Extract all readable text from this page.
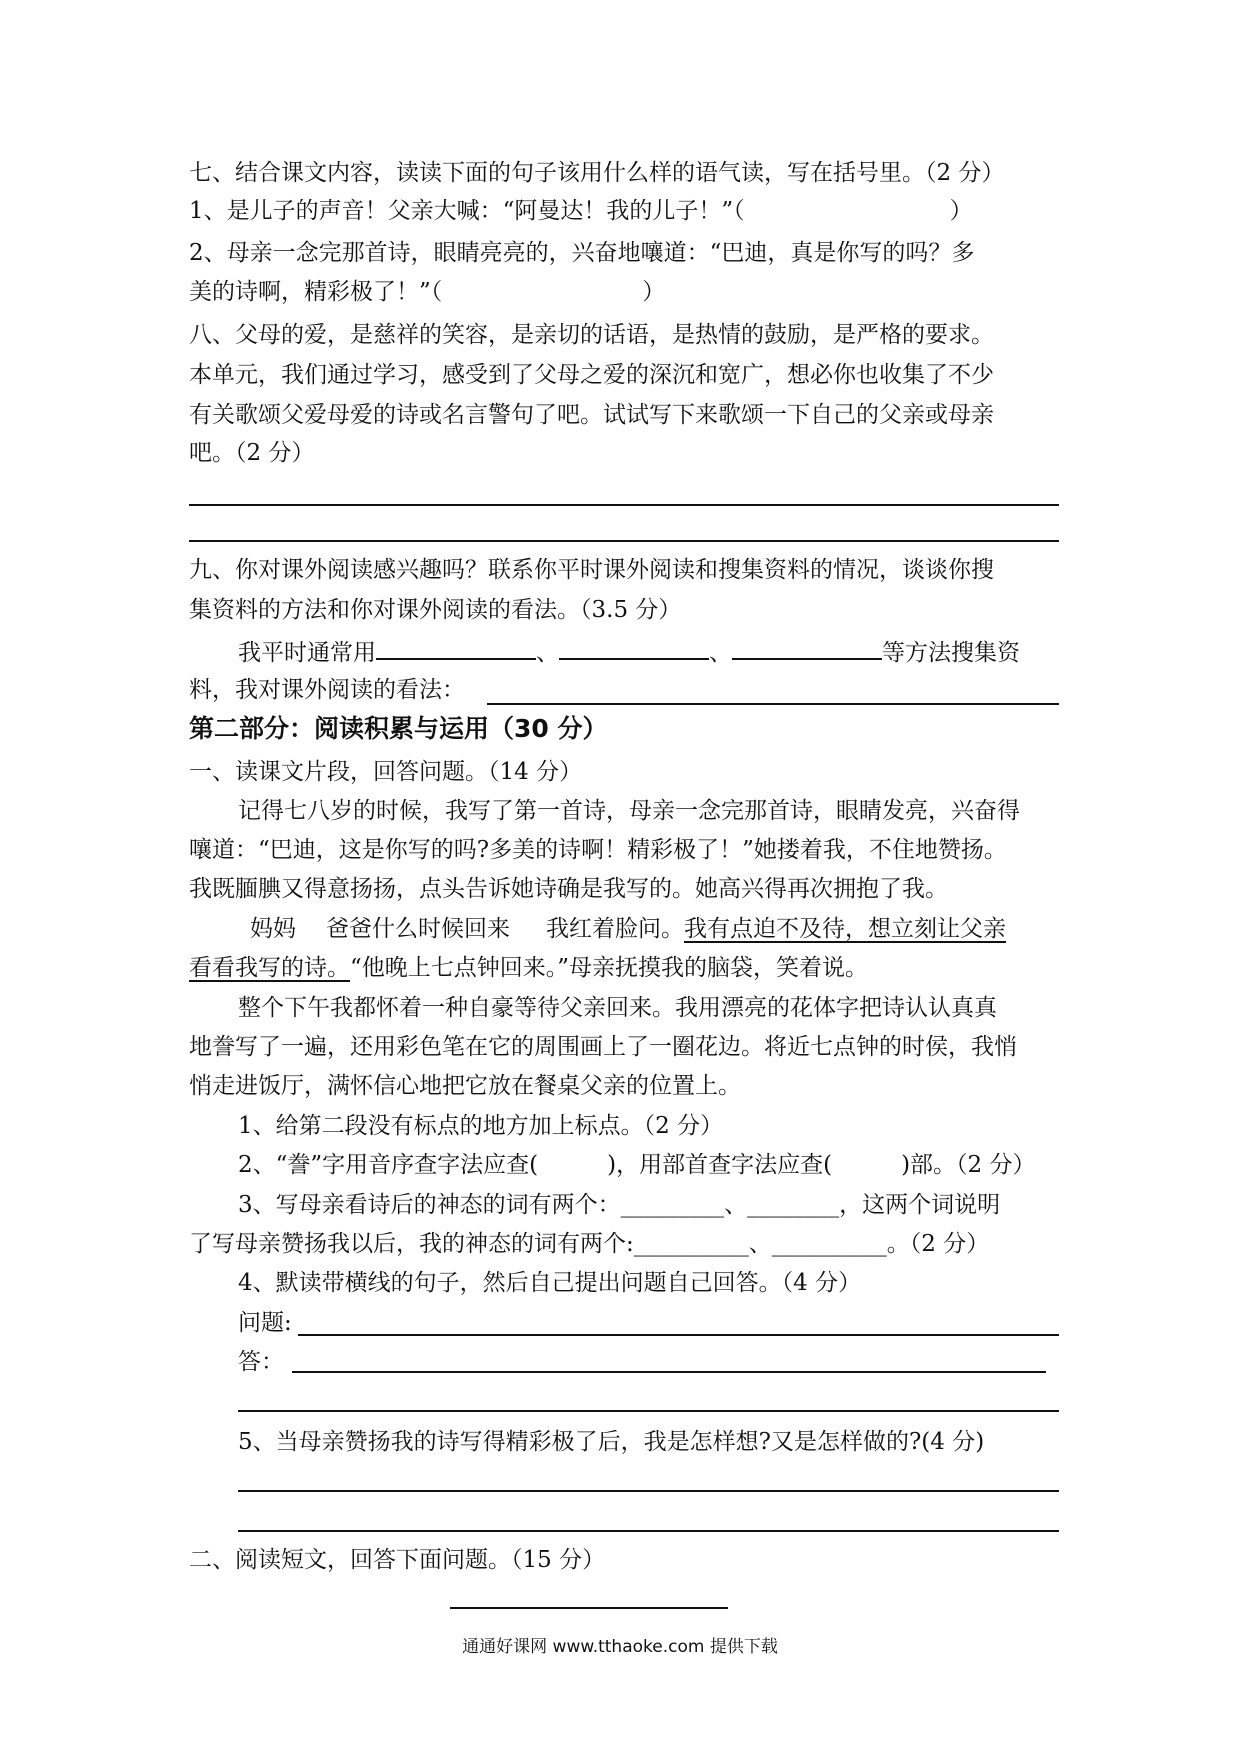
七、结合课文内容，读读下面的句子该用什么样的语气读，写在括号里。（2 分）
1、是儿子的声音！父亲大喊：“阿曼达！我的儿子！”（	）
2、母亲一念完那首诗，眼睛亮亮的，兴奋地嚷道：“巴迪，真是你写的吗？多
美的诗啊，精彩极了！”（	）
八、父母的爱，是慈祥的笑容，是亲切的话语，是热情的鼓励，是严格的要求。
本单元，我们通过学习，感受到了父母之爱的深沉和宽广，想必你也收集了不少
有关歌颂父爱母爱的诗或名言警句了吧。试试写下来歌颂一下自己的父亲或母亲
吧。（2 分）
九、你对课外阅读感兴趣吗？联系你平时课外阅读和搜集资料的情况，谈谈你搜
集资料的方法和你对课外阅读的看法。（3.5 分）
我平时通常用	、	、	等方法搜集资
料，我对课外阅读的看法：
第二部分：阅读积累与运用（30 分）
一、读课文片段，回答问题。（14 分）
记得七八岁的时候，我写了第一首诗，母亲一念完那首诗，眼睛发亮，兴奋得
嚷道：“巴迪，这是你写的吗?多美的诗啊！精彩极了！”她搂着我，不住地赞扬。
我既腼腆又得意扬扬，点头告诉她诗确是我写的。她高兴得再次拥抱了我。
妈妈 爸爸什么时候回来 我红着脸问。我有点迫不及待，想立刻让父亲
看看我写的诗。“他晚上七点钟回来。”母亲抚摸我的脑袋，笑着说。
整个下午我都怀着一种自豪等待父亲回来。我用漂亮的花体字把诗认认真真
地誊写了一遍，还用彩色笔在它的周围画上了一圈花边。将近七点钟的时侯，我悄
悄走进饭厅，满怀信心地把它放在餐桌父亲的位置上。
1、给第二段没有标点的地方加上标点。（2 分）
2、“誊”字用音序查字法应查(　　　)，用部首查字法应查(　　　)部。（2 分）
3、写母亲看诗后的神态的词有两个：_________、________，这两个词说明
了写母亲赞扬我以后，我的神态的词有两个:__________、__________。（2 分）
4、默读带横线的句子，然后自己提出问题自己回答。（4 分）
问题:
答：
5、当母亲赞扬我的诗写得精彩极了后，我是怎样想?又是怎样做的?(4 分)
二、阅读短文，回答下面问题。（15 分）
通通好课网 www.tthaoke.com 提供下载
